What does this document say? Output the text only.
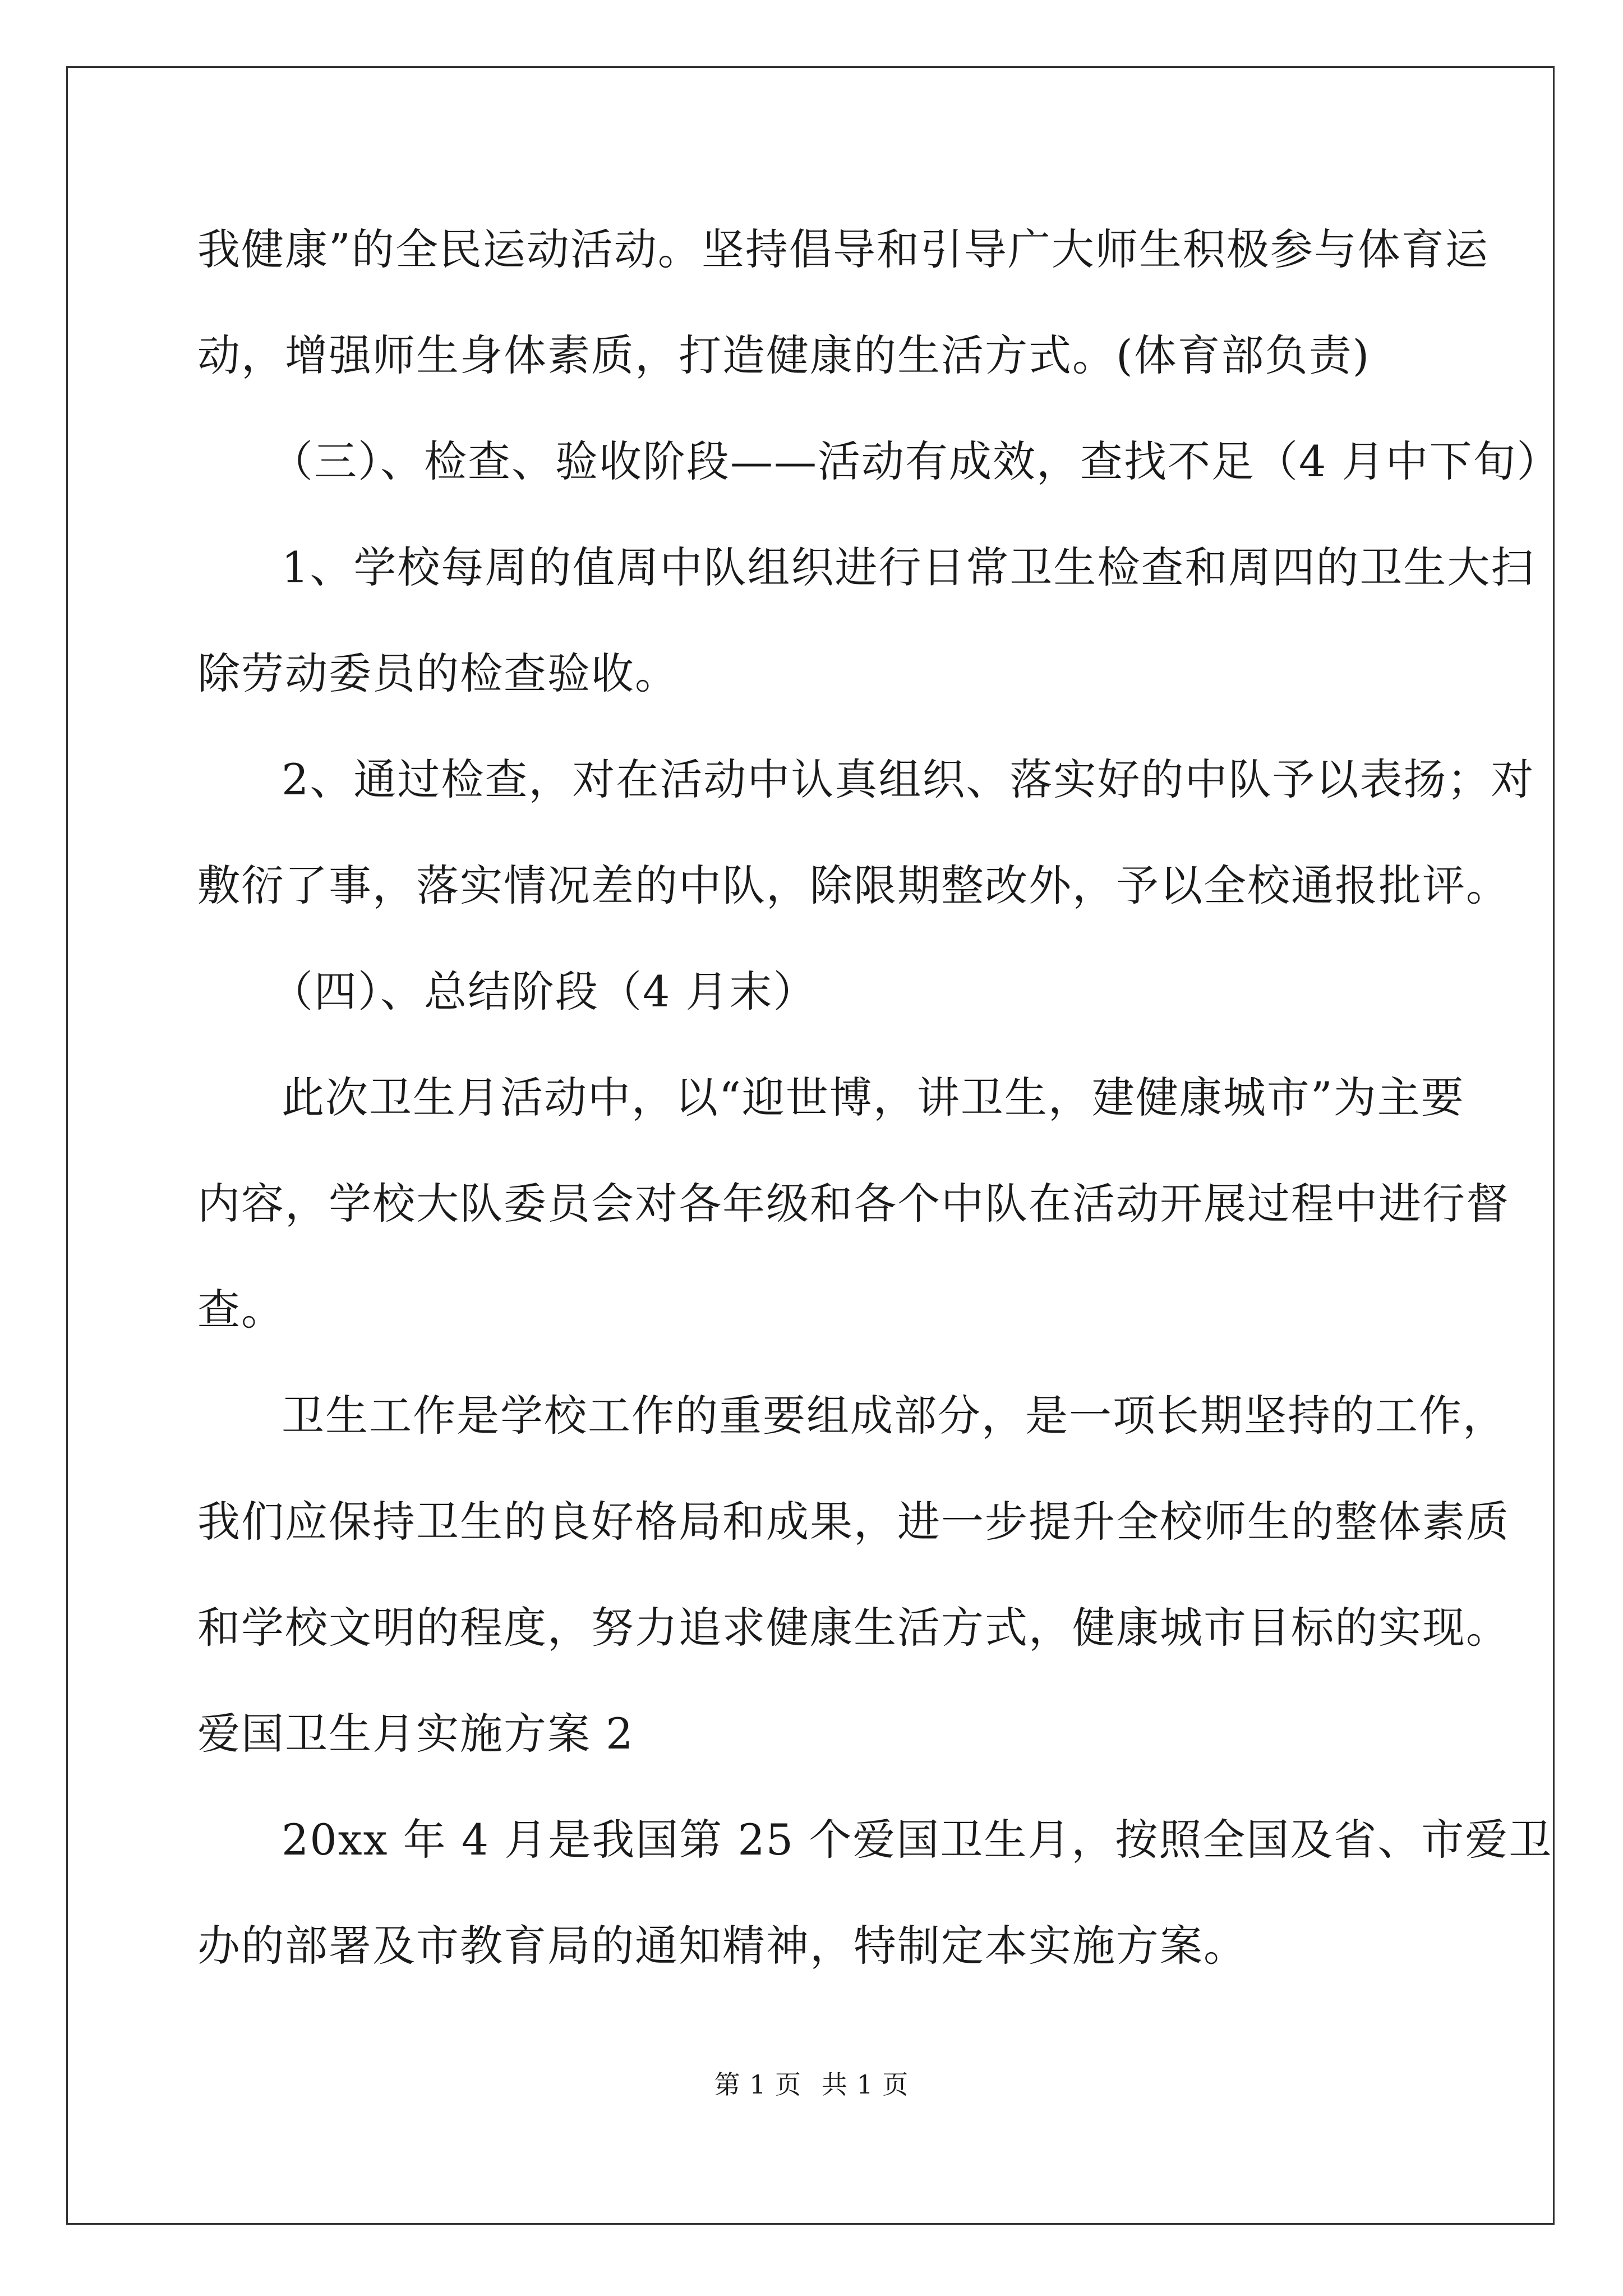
我健康”的全民运动活动。坚持倡导和引导广大师生积极参与体育运
动，增强师生身体素质，打造健康的生活方式。(体育部负责)
（三）、检查、验收阶段——活动有成效，查找不足（4 月中下旬）
1、学校每周的值周中队组织进行日常卫生检查和周四的卫生大扫
除劳动委员的检查验收。
2、通过检查，对在活动中认真组织、落实好的中队予以表扬；对
敷衍了事，落实情况差的中队，除限期整改外，予以全校通报批评。
（四）、总结阶段（4 月末）
此次卫生月活动中，以“迎世博，讲卫生，建健康城市”为主要
内容，学校大队委员会对各年级和各个中队在活动开展过程中进行督
查。
卫生工作是学校工作的重要组成部分，是一项长期坚持的工作，
我们应保持卫生的良好格局和成果，进一步提升全校师生的整体素质
和学校文明的程度，努力追求健康生活方式，健康城市目标的实现。
爱国卫生月实施方案 2
20xx 年 4 月是我国第 25 个爱国卫生月，按照全国及省、市爱卫
办的部署及市教育局的通知精神，特制定本实施方案。
第 1 页 共 1 页
